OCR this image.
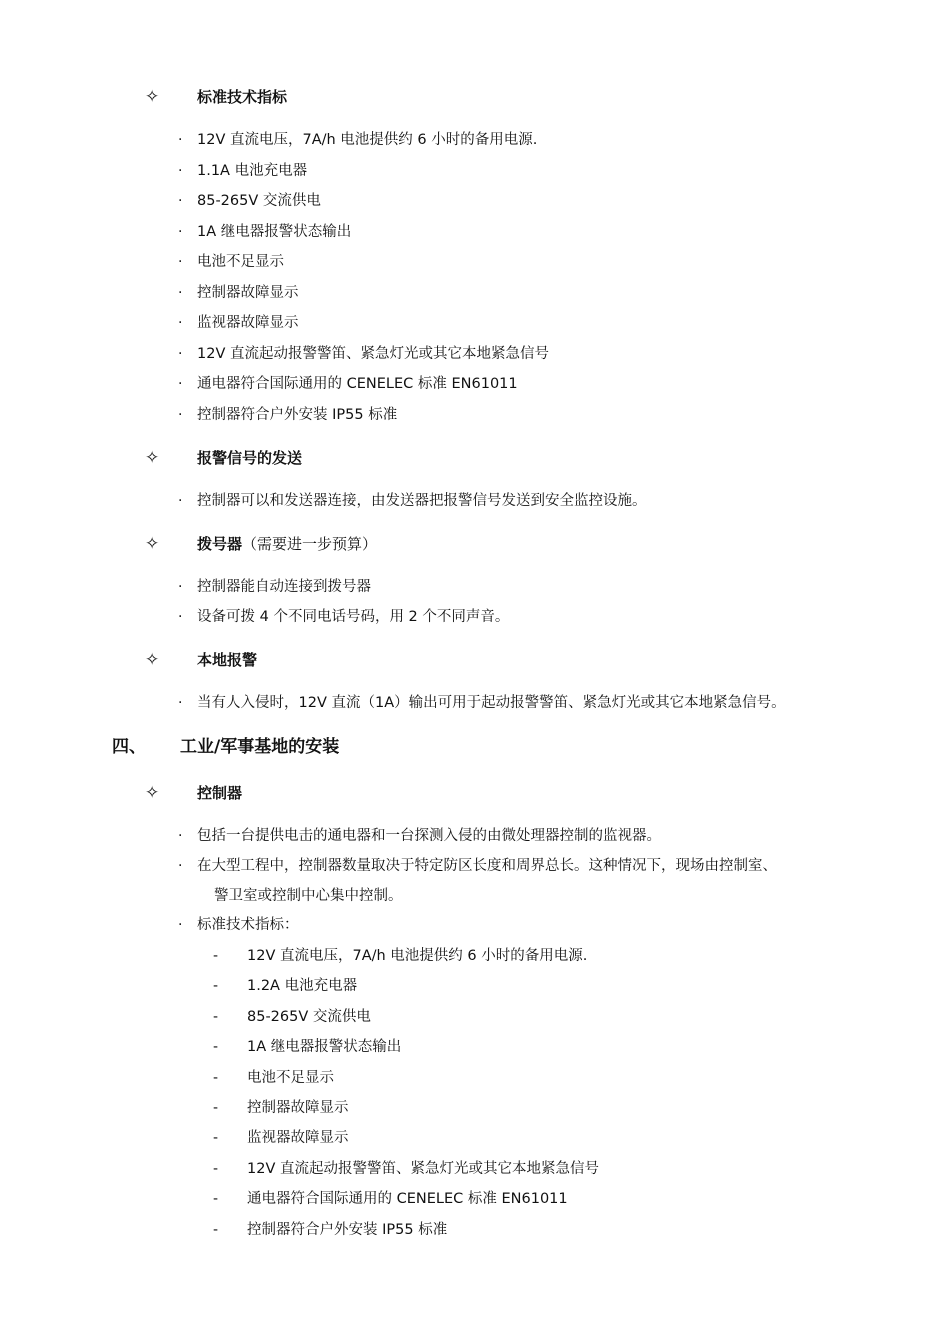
✧	标准技术指标
· 12V 直流电压，7A/h 电池提供约 6 小时的备用电源.
· 1.1A 电池充电器
· 85-265V 交流供电
· 1A 继电器报警状态输出
· 电池不足显示
· 控制器故障显示
· 监视器故障显示
· 12V 直流起动报警警笛、紧急灯光或其它本地紧急信号
· 通电器符合国际通用的 CENELEC 标准 EN61011
· 控制器符合户外安装 IP55 标准
✧	报警信号的发送
· 控制器可以和发送器连接，由发送器把报警信号发送到安全监控设施。
✧	拨号器（需要进一步预算）
· 控制器能自动连接到拨号器
· 设备可拨 4 个不同电话号码，用 2 个不同声音。
✧	本地报警
· 当有人入侵时，12V 直流（1A）输出可用于起动报警警笛、紧急灯光或其它本地紧急信号。
四、 工业/军事基地的安装
✧	控制器
· 包括一台提供电击的通电器和一台探测入侵的由微处理器控制的监视器。
· 在大型工程中，控制器数量取决于特定防区长度和周界总长。这种情况下，现场由控制室、
警卫室或控制中心集中控制。
· 标准技术指标：
- 12V 直流电压，7A/h 电池提供约 6 小时的备用电源.
- 1.2A 电池充电器
- 85-265V 交流供电
- 1A 继电器报警状态输出
- 电池不足显示
- 控制器故障显示
- 监视器故障显示
- 12V 直流起动报警警笛、紧急灯光或其它本地紧急信号
- 通电器符合国际通用的 CENELEC 标准 EN61011
- 控制器符合户外安装 IP55 标准
